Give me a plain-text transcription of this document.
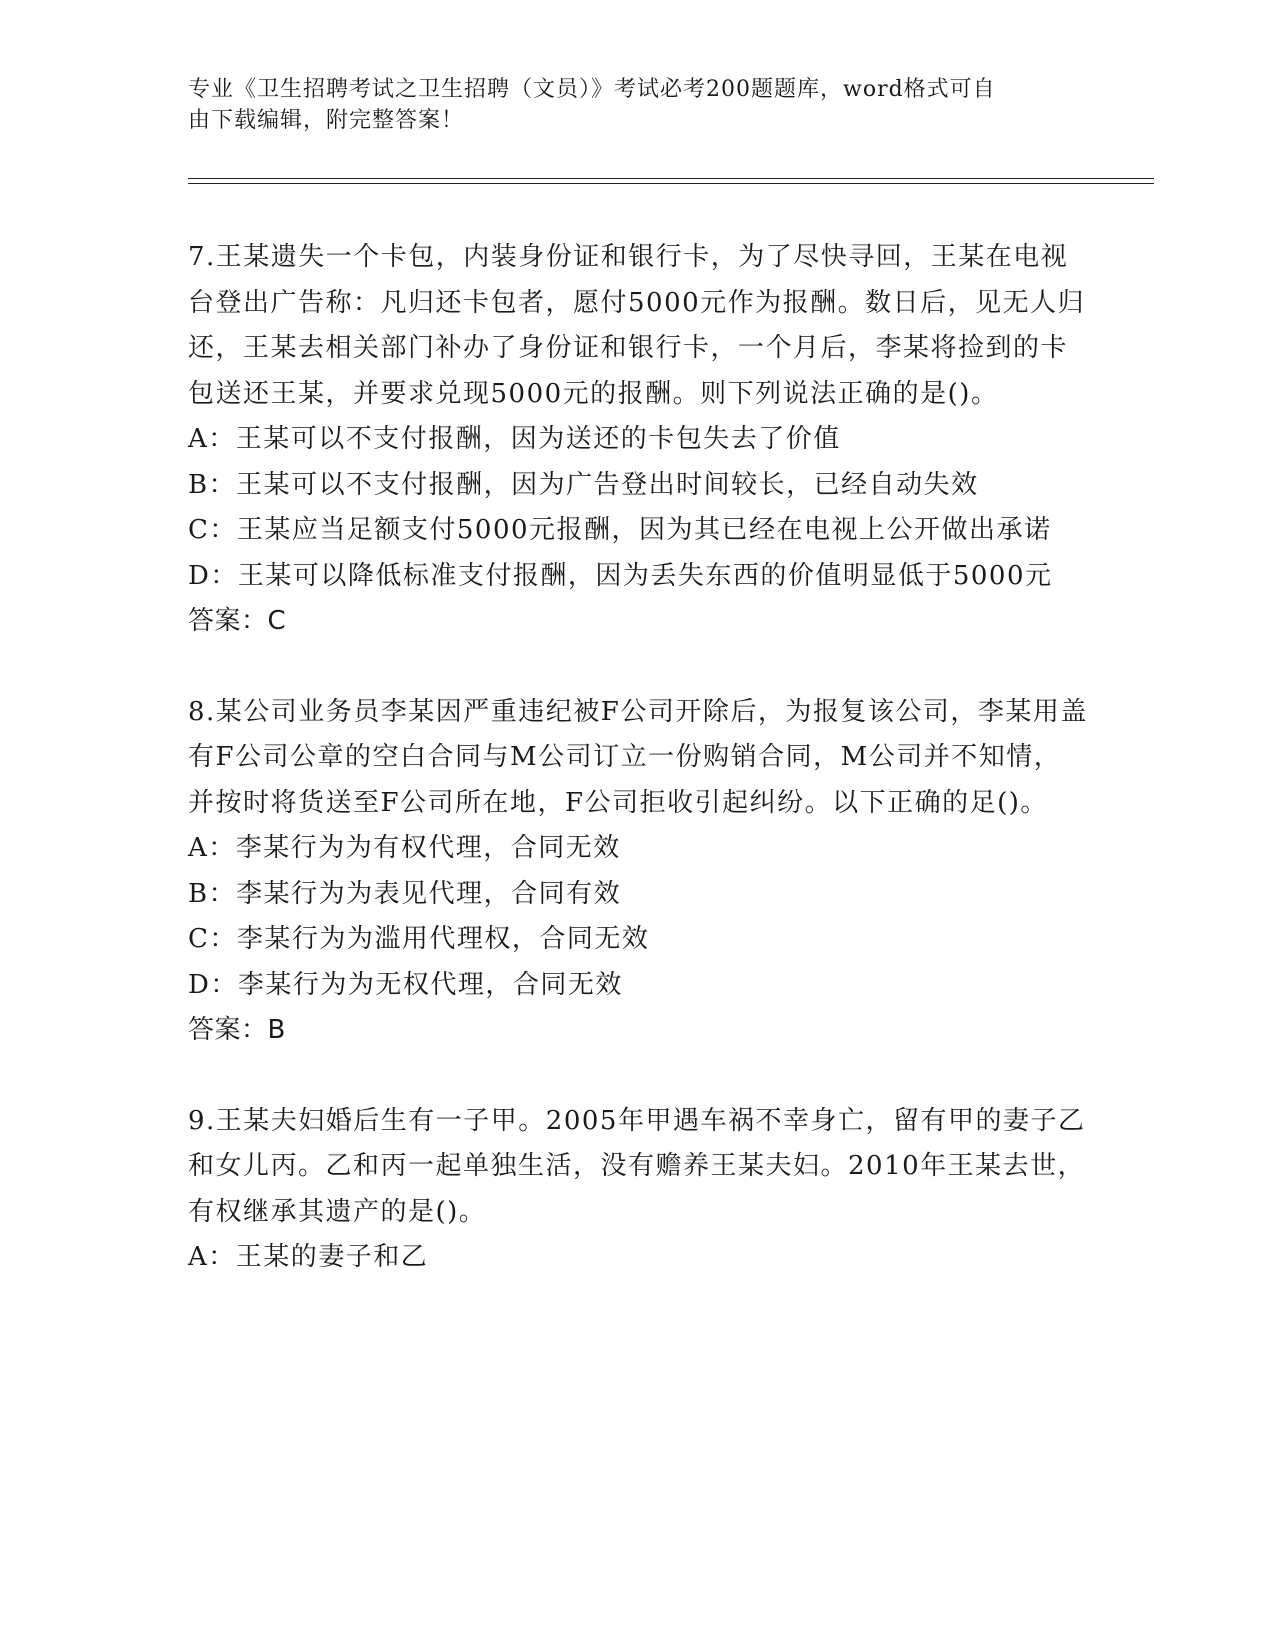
专业《卫生招聘考试之卫生招聘（文员）》考试必考200题题库，word格式可自
由下载编辑，附完整答案！

7.王某遗失一个卡包，内装身份证和银行卡，为了尽快寻回，王某在电视台登出广告称：凡归还卡包者，愿付5000元作为报酬。数日后，见无人归还，王某去相关部门补办了身份证和银行卡，一个月后，李某将捡到的卡包送还王某，并要求兑现5000元的报酬。则下列说法正确的是()。

A：王某可以不支付报酬，因为送还的卡包失去了价值

B：王某可以不支付报酬，因为广告登出时间较长，已经自动失效

C：王某应当足额支付5000元报酬，因为其已经在电视上公开做出承诺

D：王某可以降低标准支付报酬，因为丢失东西的价值明显低于5000元

答案：C

8.某公司业务员李某因严重违纪被F公司开除后，为报复该公司，李某用盖有F公司公章的空白合同与M公司订立一份购销合同，M公司并不知情，并按时将货送至F公司所在地，F公司拒收引起纠纷。以下正确的足()。

A：李某行为为有权代理，合同无效

B：李某行为为表见代理，合同有效

C：李某行为为滥用代理权，合同无效

D：李某行为为无权代理，合同无效

答案：B

9.王某夫妇婚后生有一子甲。2005年甲遇车祸不幸身亡，留有甲的妻子乙和女儿丙。乙和丙一起单独生活，没有赡养王某夫妇。2010年王某去世，有权继承其遗产的是()。

A：王某的妻子和乙
